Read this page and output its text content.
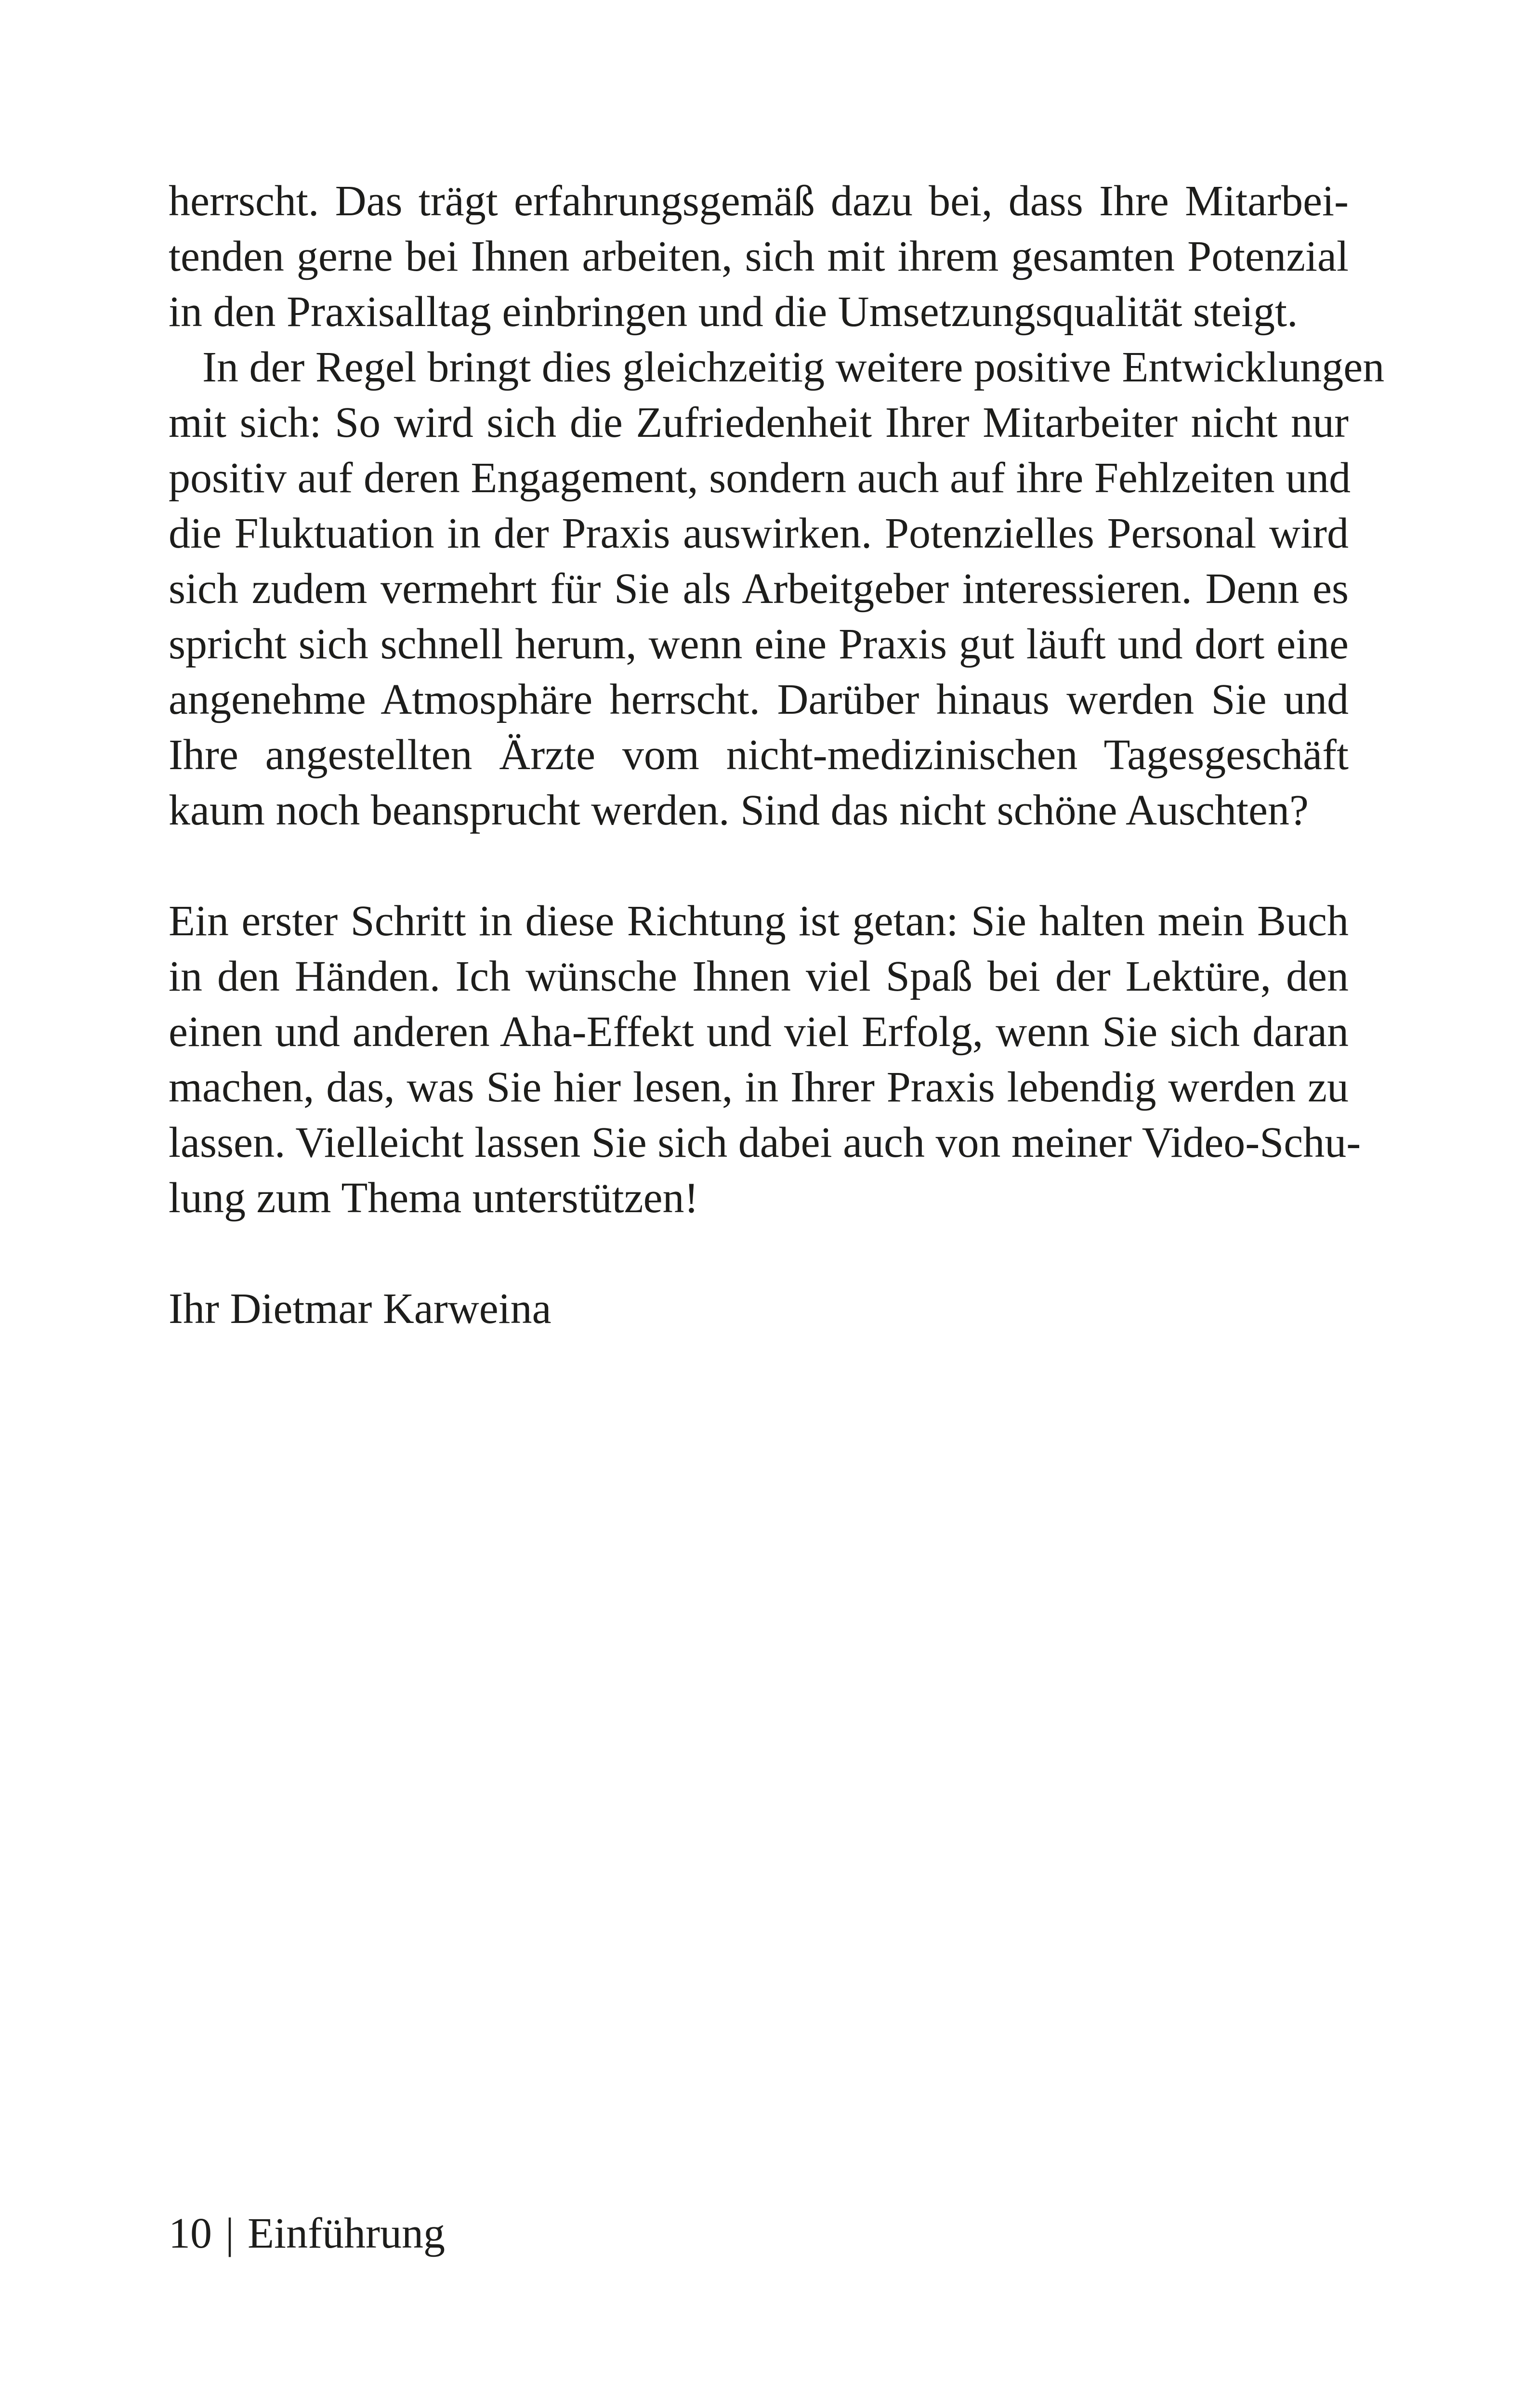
herrscht. Das trägt erfahrungsgemäß dazu bei, dass Ihre Mitarbei-
tenden gerne bei Ihnen arbeiten, sich mit ihrem gesamten Potenzial
in den Praxisalltag einbringen und die Umsetzungsqualität steigt.

In der Regel bringt dies gleichzeitig weitere positive Entwicklungen
mit sich: So wird sich die Zufriedenheit Ihrer Mitarbeiter nicht nur
positiv auf deren Engagement, sondern auch auf ihre Fehlzeiten und
die Fluktuation in der Praxis auswirken. Potenzielles Personal wird
sich zudem vermehrt für Sie als Arbeitgeber interessieren. Denn es
spricht sich schnell herum, wenn eine Praxis gut läuft und dort eine
angenehme Atmosphäre herrscht. Darüber hinaus werden Sie und
Ihre angestellten Ärzte vom nicht-medizinischen Tagesgeschäft
kaum noch beansprucht werden. Sind das nicht schöne Auschten?

Ein erster Schritt in diese Richtung ist getan: Sie halten mein Buch
in den Händen. Ich wünsche Ihnen viel Spaß bei der Lektüre, den
einen und anderen Aha-Effekt und viel Erfolg, wenn Sie sich daran
machen, das, was Sie hier lesen, in Ihrer Praxis lebendig werden zu
lassen. Vielleicht lassen Sie sich dabei auch von meiner Video-Schu-
lung zum Thema unterstützen!

Ihr Dietmar Karweina

10 | Einführung
